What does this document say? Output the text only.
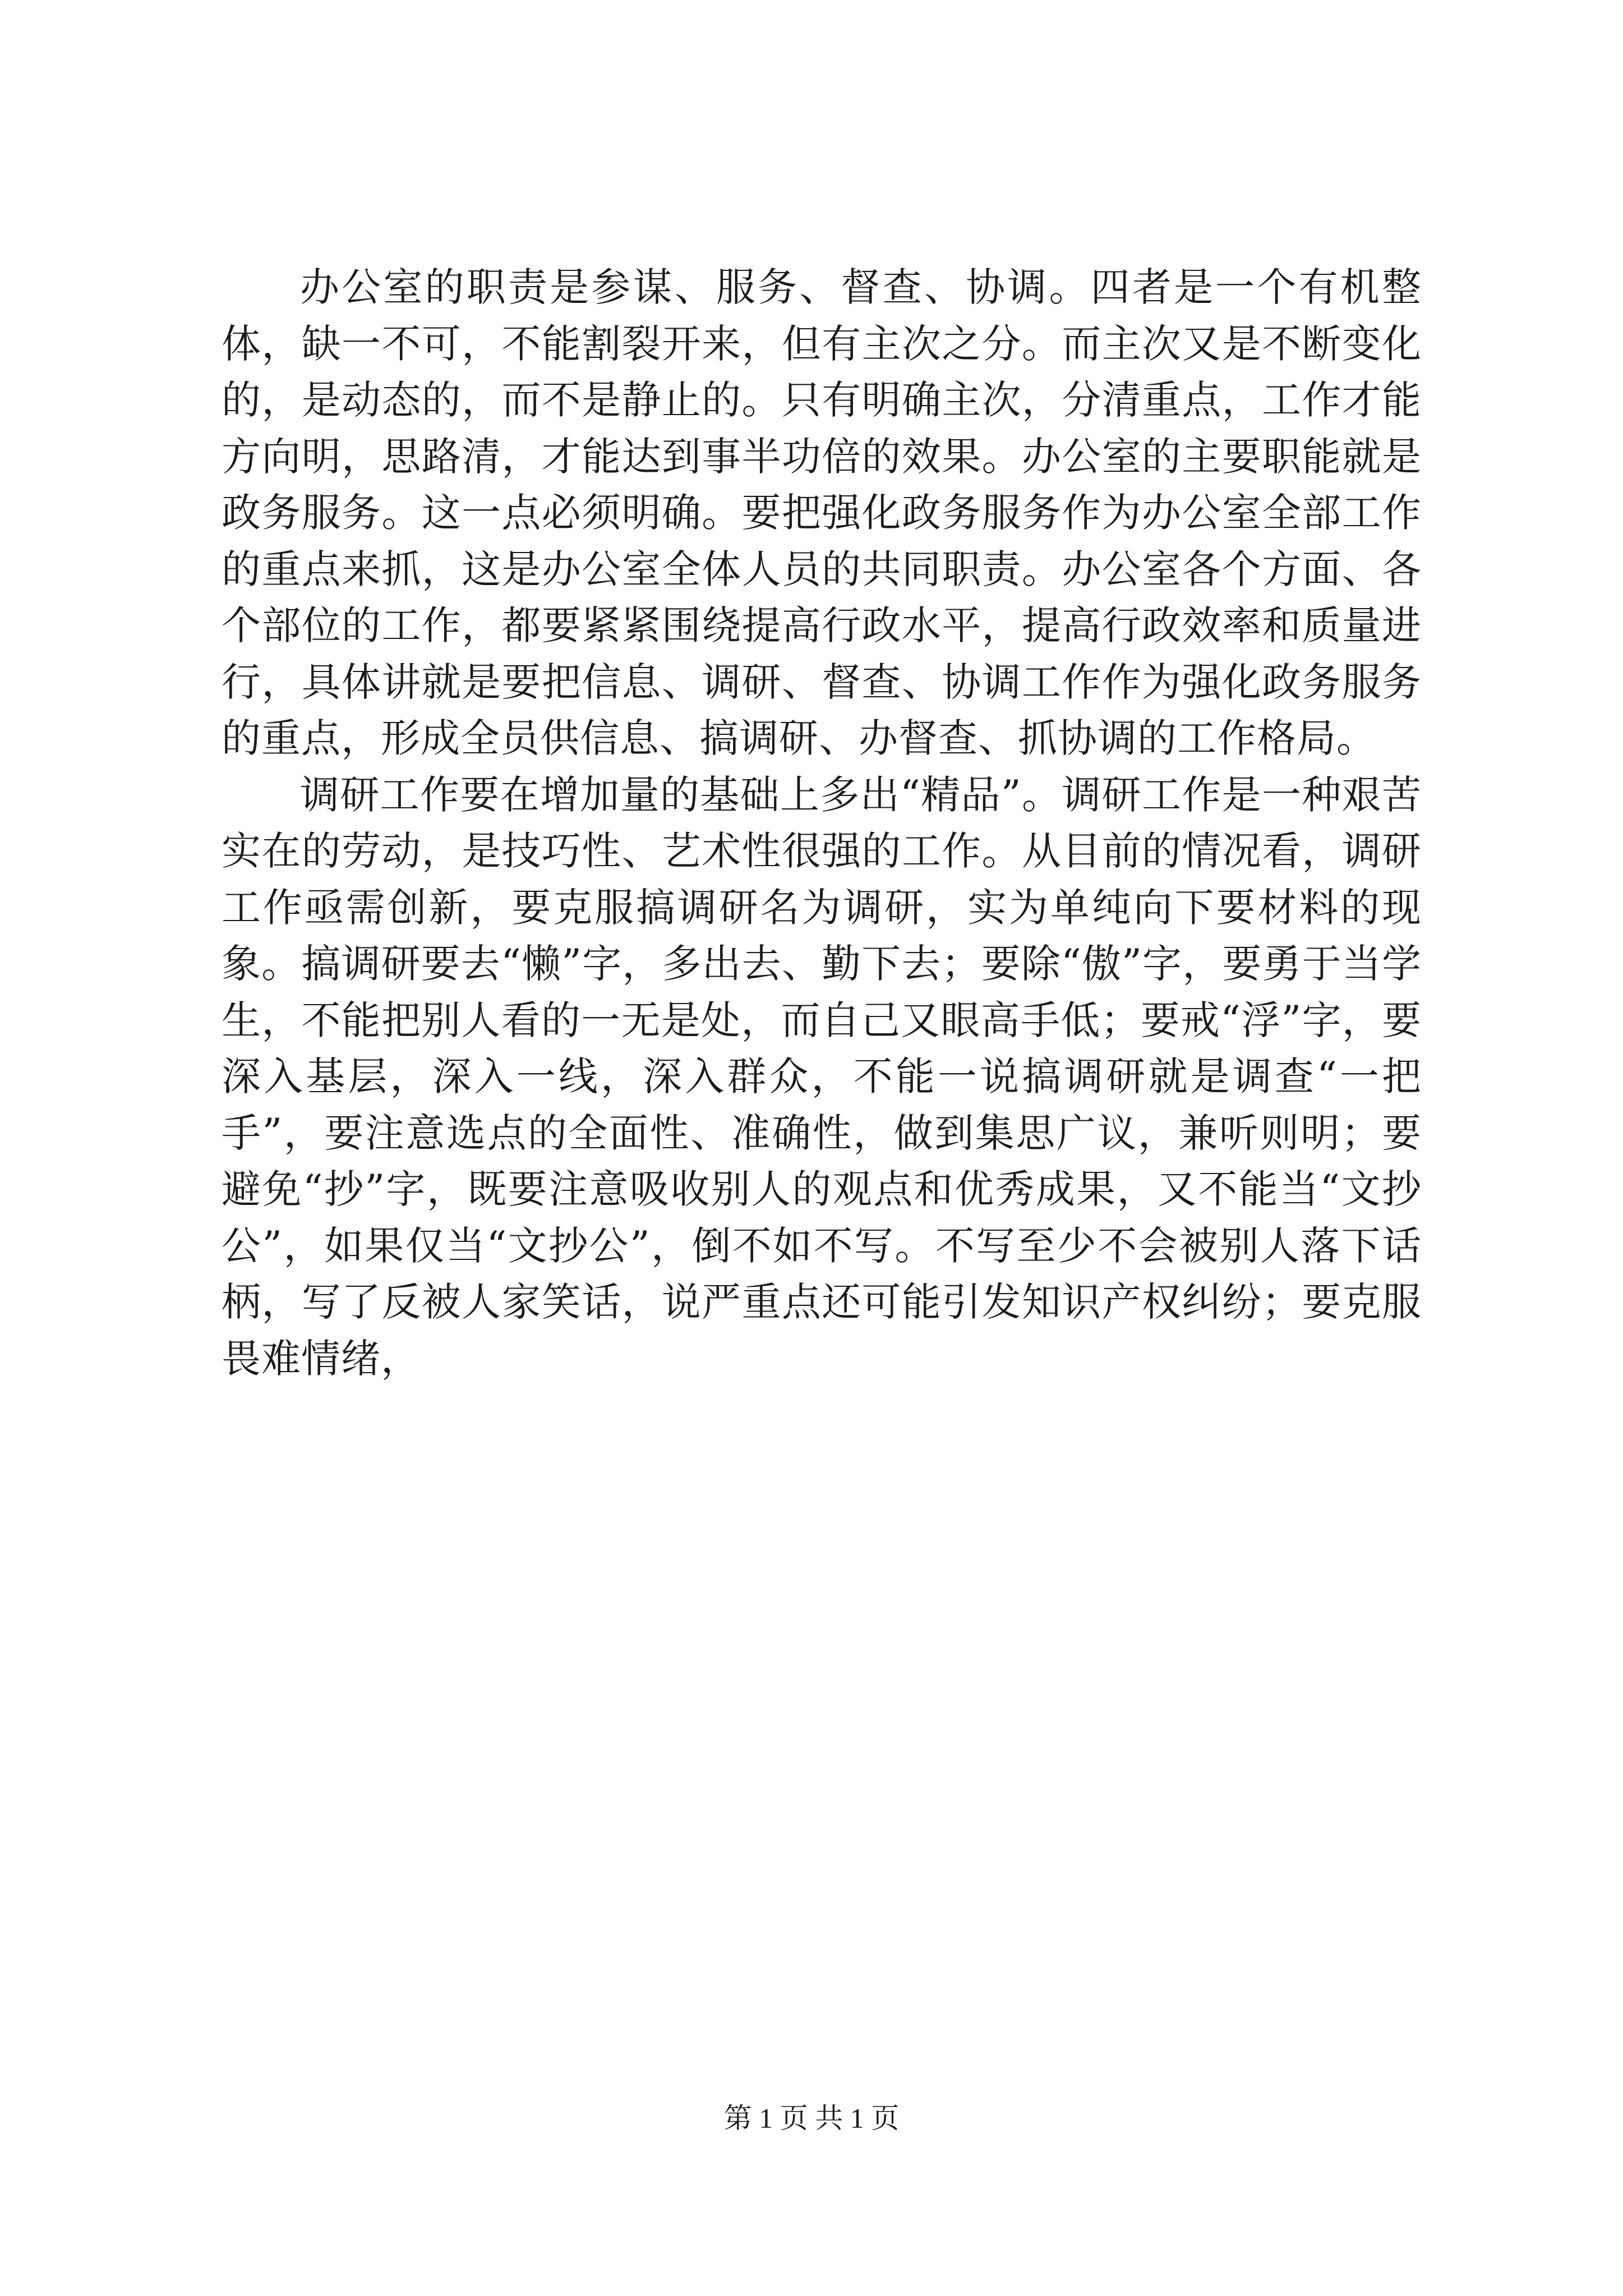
办公室的职责是参谋、服务、督查、协调。四者是一个有机整体，缺一不可，不能割裂开来，但有主次之分。而主次又是不断变化的，是动态的，而不是静止的。只有明确主次，分清重点，工作才能方向明，思路清，才能达到事半功倍的效果。办公室的主要职能就是政务服务。这一点必须明确。要把强化政务服务作为办公室全部工作的重点来抓，这是办公室全体人员的共同职责。办公室各个方面、各个部位的工作，都要紧紧围绕提高行政水平，提高行政效率和质量进行，具体讲就是要把信息、调研、督查、协调工作作为强化政务服务的重点，形成全员供信息、搞调研、办督查、抓协调的工作格局。

调研工作要在增加量的基础上多出“精品”。调研工作是一种艰苦实在的劳动，是技巧性、艺术性很强的工作。从目前的情况看，调研工作亟需创新，要克服搞调研名为调研，实为单纯向下要材料的现象。搞调研要去“懒”字，多出去、勤下去；要除“傲”字，要勇于当学生，不能把别人看的一无是处，而自己又眼高手低；要戒“浮”字，要深入基层，深入一线，深入群众，不能一说搞调研就是调查“一把手”，要注意选点的全面性、准确性，做到集思广议，兼听则明；要避免“抄”字，既要注意吸收别人的观点和优秀成果，又不能当“文抄公”，如果仅当“文抄公”，倒不如不写。不写至少不会被别人落下话柄，写了反被人家笑话，说严重点还可能引发知识产权纠纷；要克服畏难情绪，

第 1 页 共 1 页
